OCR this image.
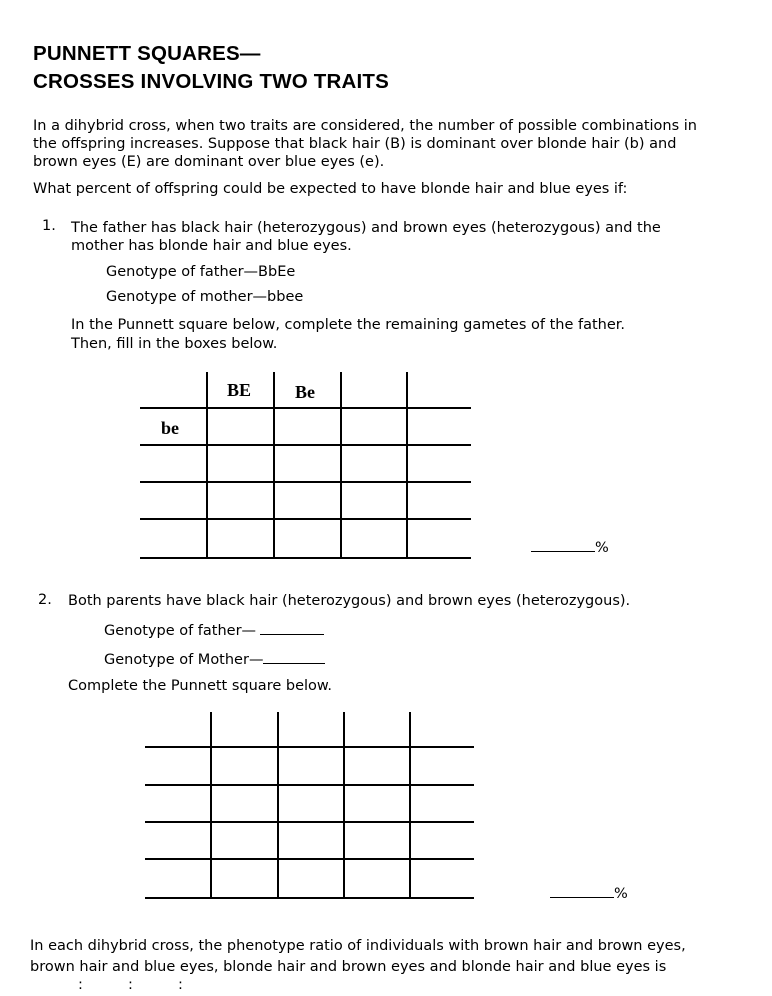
PUNNETT SQUARES—
CROSSES INVOLVING TWO TRAITS
In a dihybrid cross, when two traits are considered, the number of possible combinations in
the offspring increases. Suppose that black hair (B) is dominant over blonde hair (b) and
brown eyes (E) are dominant over blue eyes (e).
What percent of offspring could be expected to have blonde hair and blue eyes if:
1. The father has black hair (heterozygous) and brown eyes (heterozygous) and the
mother has blonde hair and blue eyes.
Genotype of father—BbEe
Genotype of mother—bbee
In the Punnett square below, complete the remaining gametes of the father.
Then, fill in the boxes below.
BE Be
be
%
2. Both parents have black hair (heterozygous) and brown eyes (heterozygous).
Genotype of father—
Genotype of Mother—
Complete the Punnett square below.
%
In each dihybrid cross, the phenotype ratio of individuals with brown hair and brown eyes,
brown hair and blue eyes, blonde hair and brown eyes and blonde hair and blue eyes is
:	:	:
